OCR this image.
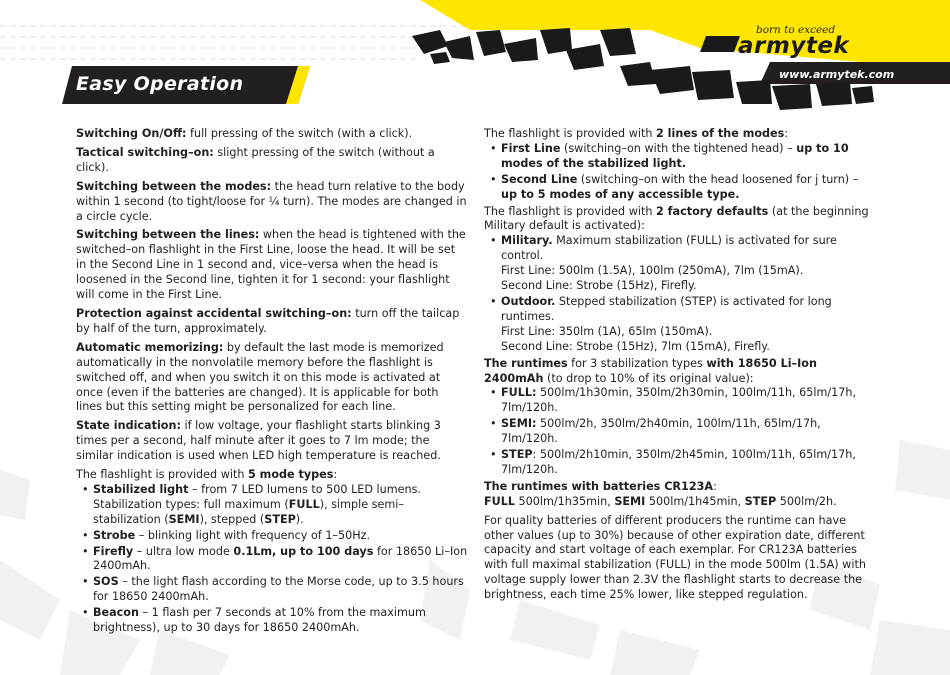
Easy Operation
born to exceed
armytek
www.armytek.com

Switching On/Off: full pressing of the switch (with a click).

Tactical switching–on: slight pressing of the switch (without a click).

Switching between the modes: the head turn relative to the body within 1 second (to tight/loose for ¼ turn). The modes are changed in a circle cycle.

Switching between the lines: when the head is tightened with the switched–on flashlight in the First Line, loose the head. It will be set in the Second Line in 1 second and, vice–versa when the head is loosened in the Second line, tighten it for 1 second: your flashlight will come in the First Line.

Protection against accidental switching–on: turn off the tailcap by half of the turn, approximately.

Automatic memorizing: by default the last mode is memorized automatically in the nonvolatile memory before the flashlight is switched off, and when you switch it on this mode is activated at once (even if the batteries are changed). It is applicable for both lines but this setting might be personalized for each line.

State indication: if low voltage, your flashlight starts blinking 3 times per a second, half minute after it goes to 7 lm mode; the similar indication is used when LED high temperature is reached.

The flashlight is provided with 5 mode types:

• Stabilized light – from 7 LED lumens to 500 LED lumens. Stabilization types: full maximum (FULL), simple semi–stabilization (SEMI), stepped (STEP).
• Strobe – blinking light with frequency of 1–50Hz.
• Firefly – ultra low mode 0.1Lm, up to 100 days for 18650 Li–Ion 2400mAh.
• SOS – the light flash according to the Morse code, up to 3.5 hours for 18650 2400mAh.
• Beacon – 1 flash per 7 seconds at 10% from the maximum brightness), up to 30 days for 18650 2400mAh.

The flashlight is provided with 2 lines of the modes:

• First Line (switching–on with the tightened head) – up to 10 modes of the stabilized light.
• Second Line (switching–on with the head loosened for j turn) – up to 5 modes of any accessible type.

The flashlight is provided with 2 factory defaults (at the beginning Military default is activated):

• Military. Maximum stabilization (FULL) is activated for sure control.
First Line: 500lm (1.5A), 100lm (250mA), 7lm (15mA).
Second Line: Strobe (15Hz), Firefly.
• Outdoor. Stepped stabilization (STEP) is activated for long runtimes.
First Line: 350lm (1A), 65lm (150mA).
Second Line: Strobe (15Hz), 7lm (15mA), Firefly.

The runtimes for 3 stabilization types with 18650 Li–Ion 2400mAh (to drop to 10% of its original value):

• FULL: 500lm/1h30min, 350lm/2h30min, 100lm/11h, 65lm/17h, 7lm/120h.
• SEMI: 500lm/2h, 350lm/2h40min, 100lm/11h, 65lm/17h, 7lm/120h.
• STEP: 500lm/2h10min, 350lm/2h45min, 100lm/11h, 65lm/17h, 7lm/120h.

The runtimes with batteries CR123A:

FULL 500lm/1h35min, SEMI 500lm/1h45min, STEP 500lm/2h.

For quality batteries of different producers the runtime can have other values (up to 30%) because of other expiration date, different capacity and start voltage of each exemplar. For CR123A batteries with full maximal stabilization (FULL) in the mode 500lm (1.5A) with voltage supply lower than 2.3V the flashlight starts to decrease the brightness, each time 25% lower, like stepped regulation.
